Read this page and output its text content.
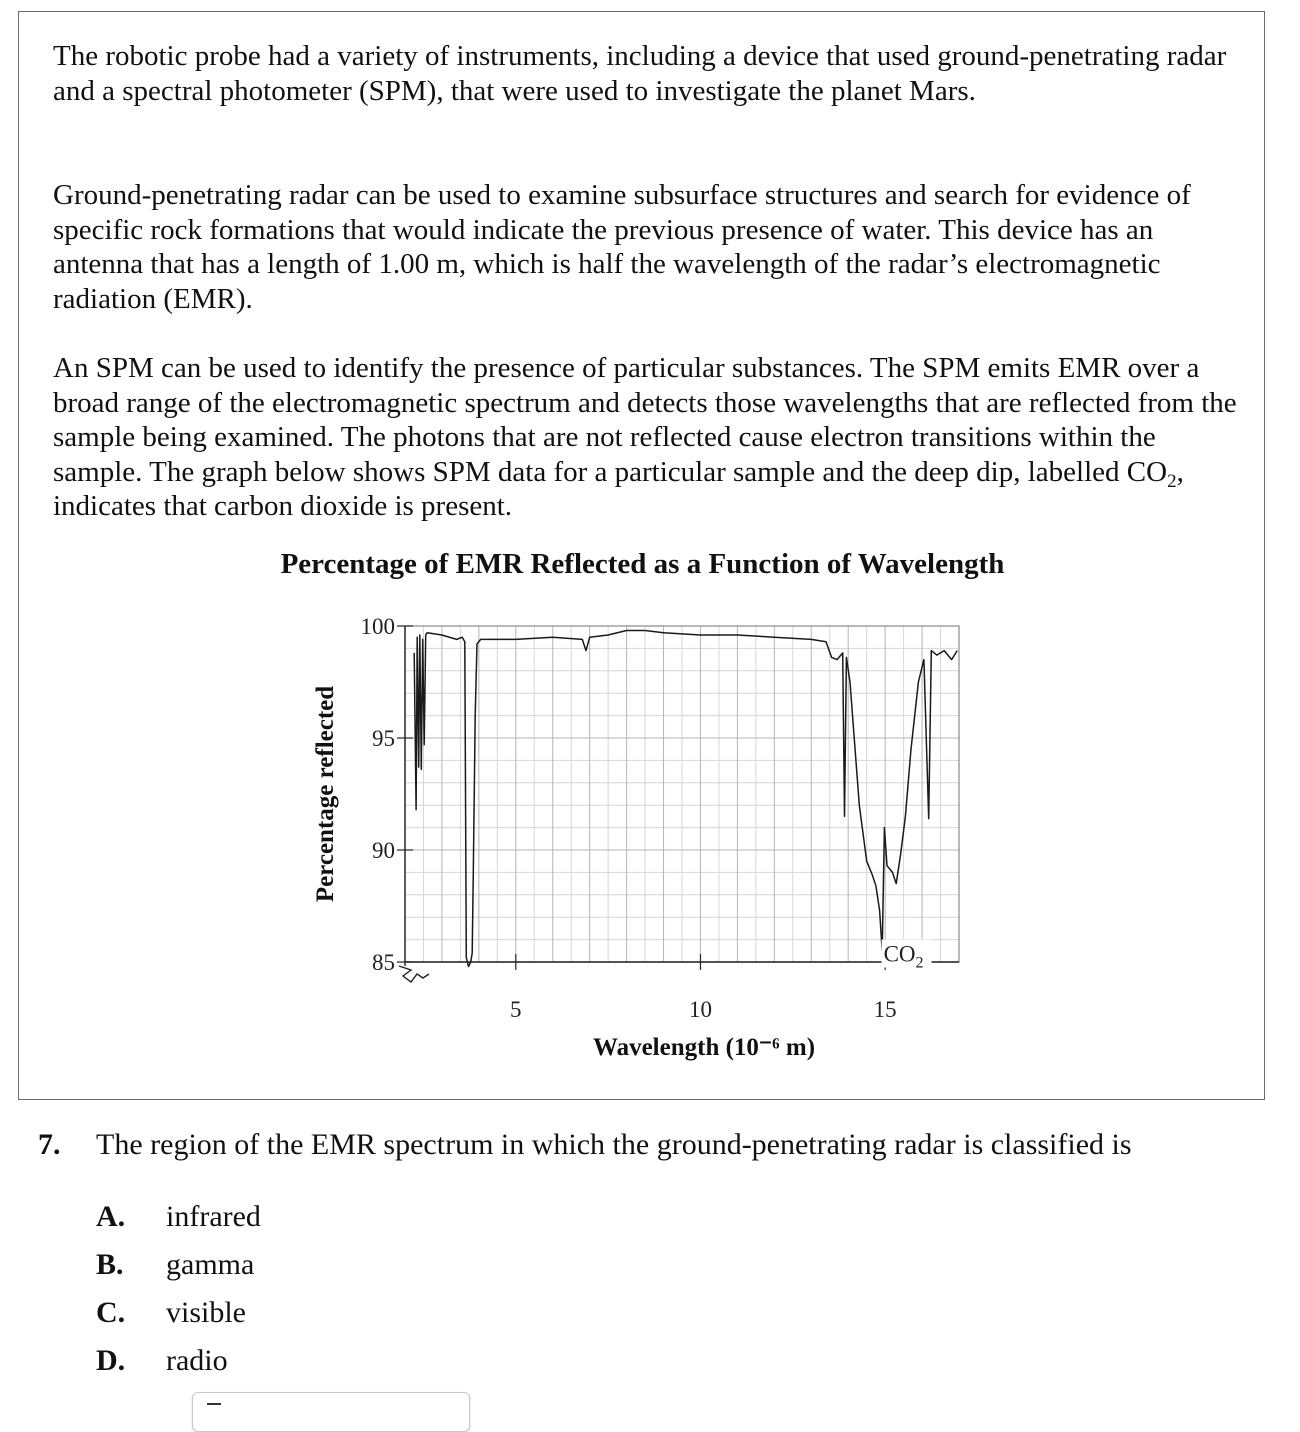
The robotic probe had a variety of instruments, including a device that used ground-penetrating radar and a spectral photometer (SPM), that were used to investigate the planet Mars.

Ground-penetrating radar can be used to examine subsurface structures and search for evidence of specific rock formations that would indicate the previous presence of water. This device has an antenna that has a length of 1.00 m, which is half the wavelength of the radar’s electromagnetic radiation (EMR).

An SPM can be used to identify the presence of particular substances. The SPM emits EMR over a broad range of the electromagnetic spectrum and detects those wavelengths that are reflected from the sample being examined. The photons that are not reflected cause electron transitions within the sample. The graph below shows SPM data for a particular sample and the deep dip, labelled $CO_2$, indicates that carbon dioxide is present.

Percentage of EMR Reflected as a Function of Wavelength
85
90
95
100
5	10	15
$CO_2$
Percentage reflected
Wavelength (10⁻⁶ m)

7. The region of the EMR spectrum in which the ground-penetrating radar is classified is

A. infrared
B. gamma
C. visible
D. radio
